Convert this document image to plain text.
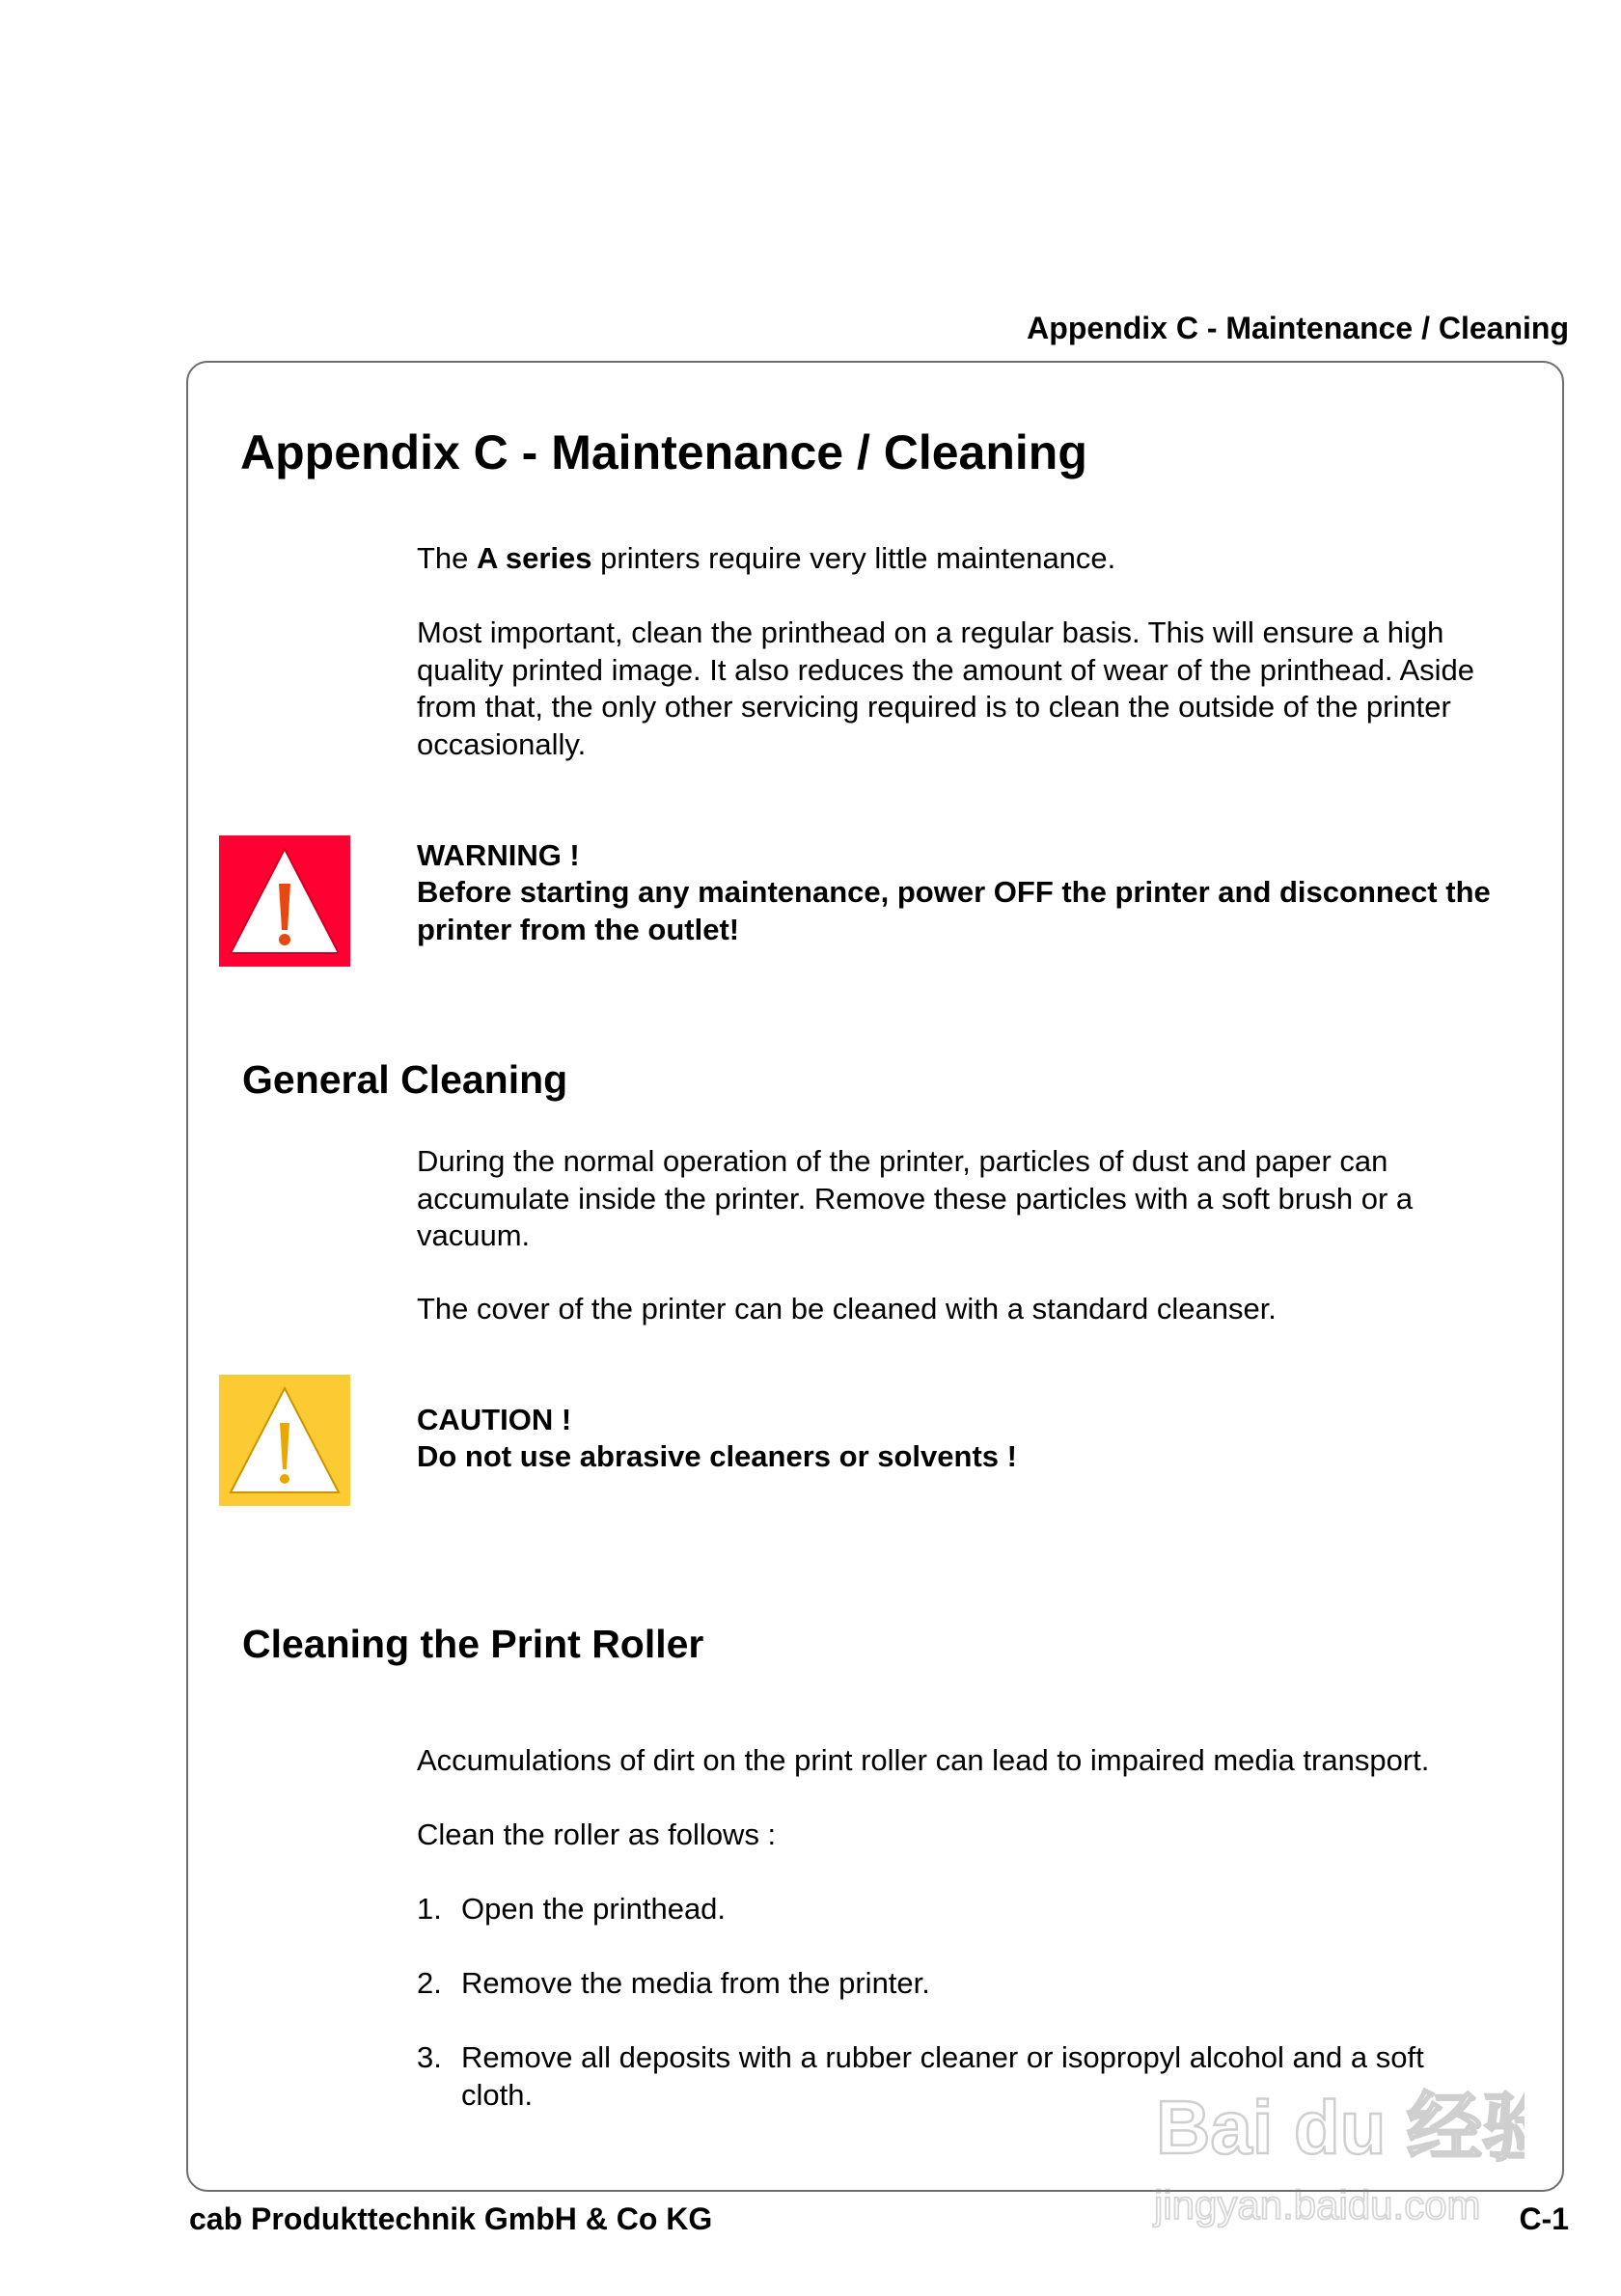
Appendix C - Maintenance / Cleaning
Appendix C - Maintenance / Cleaning

The A series printers require very little maintenance.

Most important, clean the printhead on a regular basis. This will ensure a high quality printed image. It also reduces the amount of wear of the printhead. Aside from that, the only other servicing required is to clean the outside of the printer occasionally.

WARNING !
Before starting any maintenance, power OFF the printer and disconnect the printer from the outlet!
General Cleaning

During the normal operation of the printer, particles of dust and paper can accumulate inside the printer. Remove these particles with a soft brush or a vacuum.

The cover of the printer can be cleaned with a standard cleanser.

CAUTION !
Do not use abrasive cleaners or solvents !
Cleaning the Print Roller

Accumulations of dirt on the print roller can lead to impaired media transport.

Clean the roller as follows :

1. Open the printhead.
2. Remove the media from the printer.
3. Remove all deposits with a rubber cleaner or isopropyl alcohol and a soft cloth.
cab Produkttechnik GmbH & Co KG	C-1
Bai du 经验
jingyan.baidu.com
